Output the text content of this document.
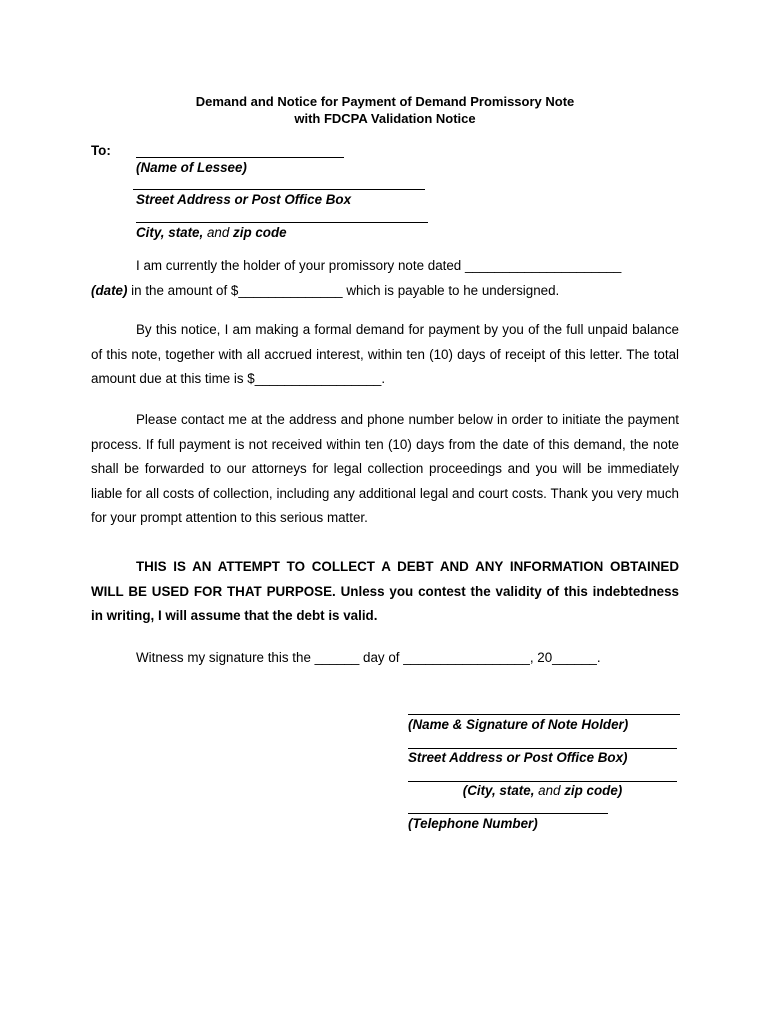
Demand and Notice for Payment of Demand Promissory Note
with FDCPA Validation Notice
To:
(Name of Lessee)
Street Address or Post Office Box
City, state, and zip code
I am currently the holder of your promissory note dated _____________________
(date) in the amount of $______________ which is payable to he undersigned.
By this notice, I am making a formal demand for payment by you of the full unpaid balance of this note, together with all accrued interest, within ten (10) days of receipt of this letter. The total amount due at this time is $_________________.
Please contact me at the address and phone number below in order to initiate the payment process. If full payment is not received within ten (10) days from the date of this demand, the note shall be forwarded to our attorneys for legal collection proceedings and you will be immediately liable for all costs of collection, including any additional legal and court costs. Thank you very much for your prompt attention to this serious matter.
THIS IS AN ATTEMPT TO COLLECT A DEBT AND ANY INFORMATION OBTAINED WILL BE USED FOR THAT PURPOSE. Unless you contest the validity of this indebtedness in writing, I will assume that the debt is valid.
Witness my signature this the ______ day of _________________, 20______.
(Name & Signature of Note Holder)
Street Address or Post Office Box)
(City, state, and zip code)
(Telephone Number)
